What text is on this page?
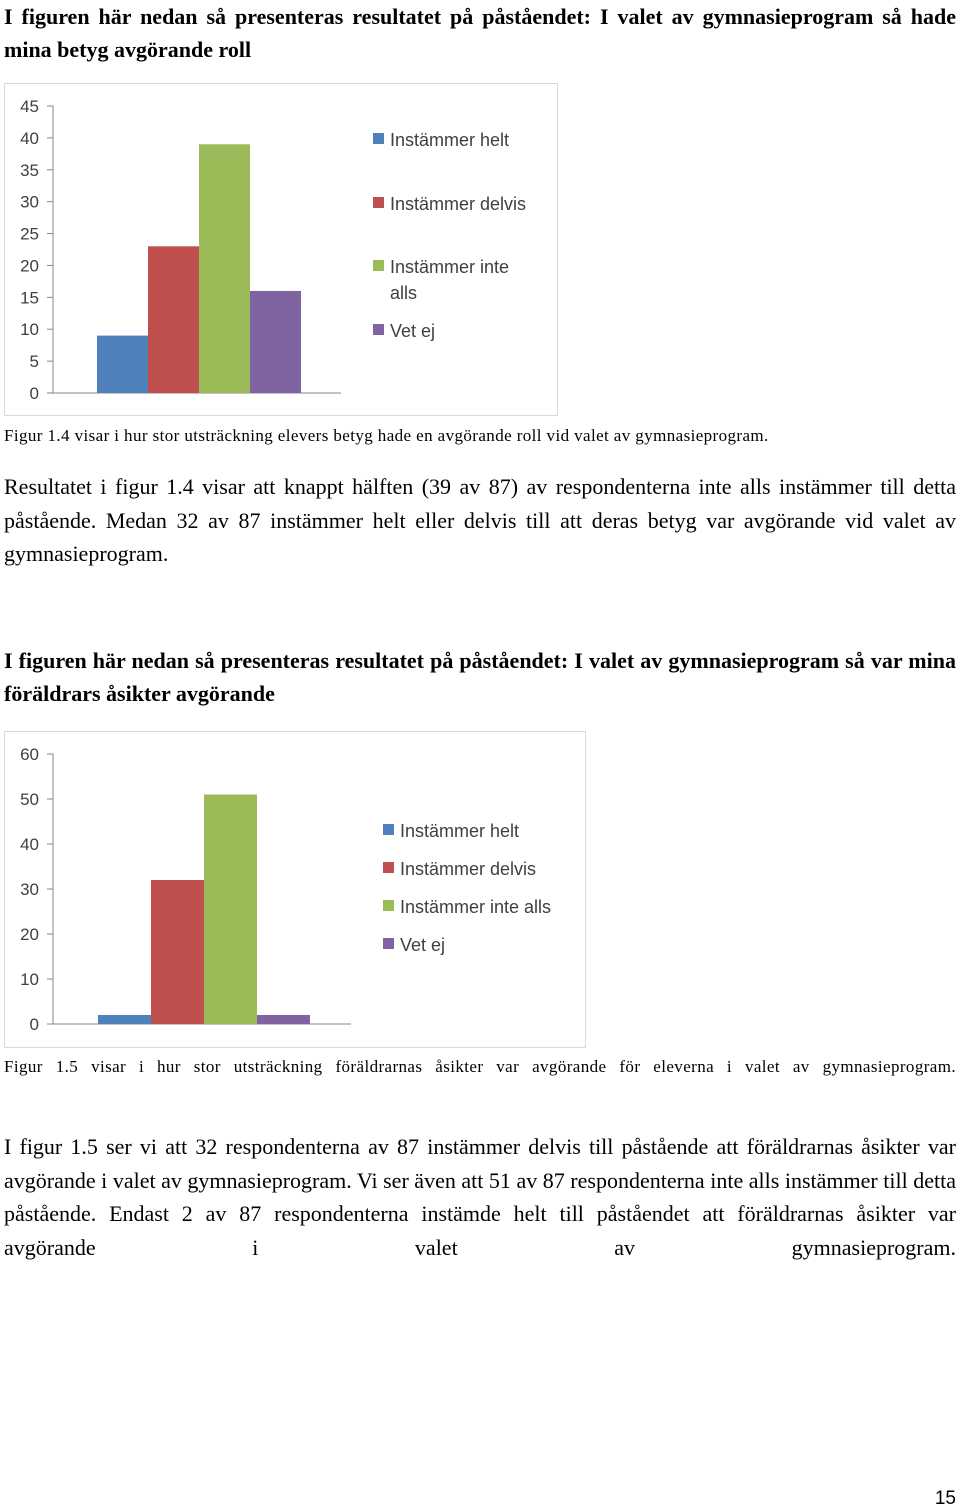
I figuren här nedan så presenteras resultatet på påståendet: I valet av gymnasieprogram så hade mina betyg avgörande roll
0
5
10
15
20
25
30
35
40
45
Instämmer helt
Instämmer delvis
Instämmer inte alls
Vet ej

Figur 1.4 visar i hur stor utsträckning elevers betyg hade en avgörande roll vid valet av gymnasieprogram.

Resultatet i figur 1.4 visar att knappt hälften (39 av 87) av respondenterna inte alls instämmer till detta påstående. Medan 32 av 87 instämmer helt eller delvis till att deras betyg var avgörande vid valet av gymnasieprogram.

I figuren här nedan så presenteras resultatet på påståendet: I valet av gymnasieprogram så var mina föräldrars åsikter avgörande
0
10
20
30
40
50
60
Instämmer helt
Instämmer delvis
Instämmer inte alls
Vet ej

Figur 1.5 visar i hur stor utsträckning föräldrarnas åsikter var avgörande för eleverna i valet av gymnasieprogram.

I figur 1.5 ser vi att 32 respondenterna av 87 instämmer delvis till påstående att föräldrarnas åsikter var avgörande i valet av gymnasieprogram. Vi ser även att 51 av 87 respondenterna inte alls instämmer till detta påstående. Endast 2 av 87 respondenterna instämde helt till påståendet att föräldrarnas åsikter var avgörande i valet av gymnasieprogram.

15
